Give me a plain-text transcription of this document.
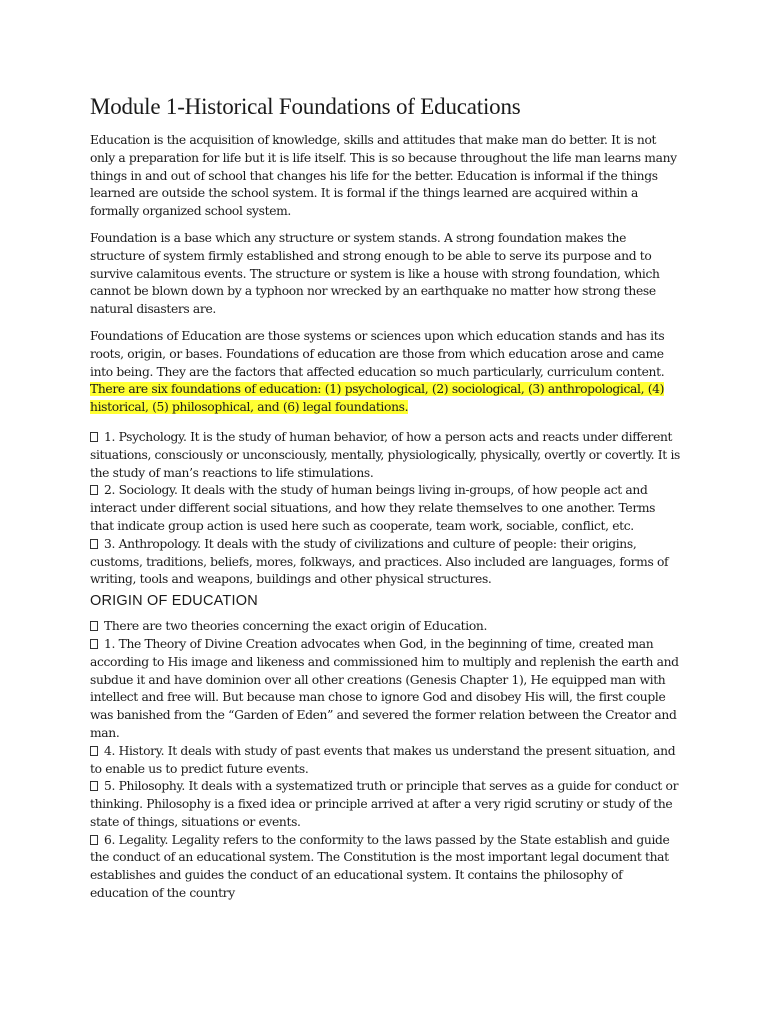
Module 1-Historical Foundations of Educations

Education is the acquisition of knowledge, skills and attitudes that make man do better. It is not only a preparation for life but it is life itself. This is so because throughout the life man learns many things in and out of school that changes his life for the better. Education is informal if the things learned are outside the school system. It is formal if the things learned are acquired within a formally organized school system.

Foundation is a base which any structure or system stands. A strong foundation makes the structure of system firmly established and strong enough to be able to serve its purpose and to survive calamitous events. The structure or system is like a house with strong foundation, which cannot be blown down by a typhoon nor wrecked by an earthquake no matter how strong these natural disasters are.

Foundations of Education are those systems or sciences upon which education stands and has its roots, origin, or bases. Foundations of education are those from which education arose and came into being. They are the factors that affected education so much particularly, curriculum content. There are six foundations of education: (1) psychological, (2) sociological, (3) anthropological, (4) historical, (5) philosophical, and (6) legal foundations.

1. Psychology. It is the study of human behavior, of how a person acts and reacts under different situations, consciously or unconsciously, mentally, physiologically, physically, overtly or covertly. It is the study of man’s reactions to life stimulations.

2. Sociology. It deals with the study of human beings living in-groups, of how people act and interact under different social situations, and how they relate themselves to one another. Terms that indicate group action is used here such as cooperate, team work, sociable, conflict, etc.

3. Anthropology. It deals with the study of civilizations and culture of people: their origins, customs, traditions, beliefs, mores, folkways, and practices. Also included are languages, forms of writing, tools and weapons, buildings and other physical structures.

ORIGIN OF EDUCATION

There are two theories concerning the exact origin of Education.

1. The Theory of Divine Creation advocates when God, in the beginning of time, created man according to His image and likeness and commissioned him to multiply and replenish the earth and subdue it and have dominion over all other creations (Genesis Chapter 1), He equipped man with intellect and free will. But because man chose to ignore God and disobey His will, the first couple was banished from the “Garden of Eden” and severed the former relation between the Creator and man.

4. History. It deals with study of past events that makes us understand the present situation, and to enable us to predict future events.

5. Philosophy. It deals with a systematized truth or principle that serves as a guide for conduct or thinking. Philosophy is a fixed idea or principle arrived at after a very rigid scrutiny or study of the state of things, situations or events.

6. Legality. Legality refers to the conformity to the laws passed by the State establish and guide the conduct of an educational system. The Constitution is the most important legal document that establishes and guides the conduct of an educational system. It contains the philosophy of education of the country
